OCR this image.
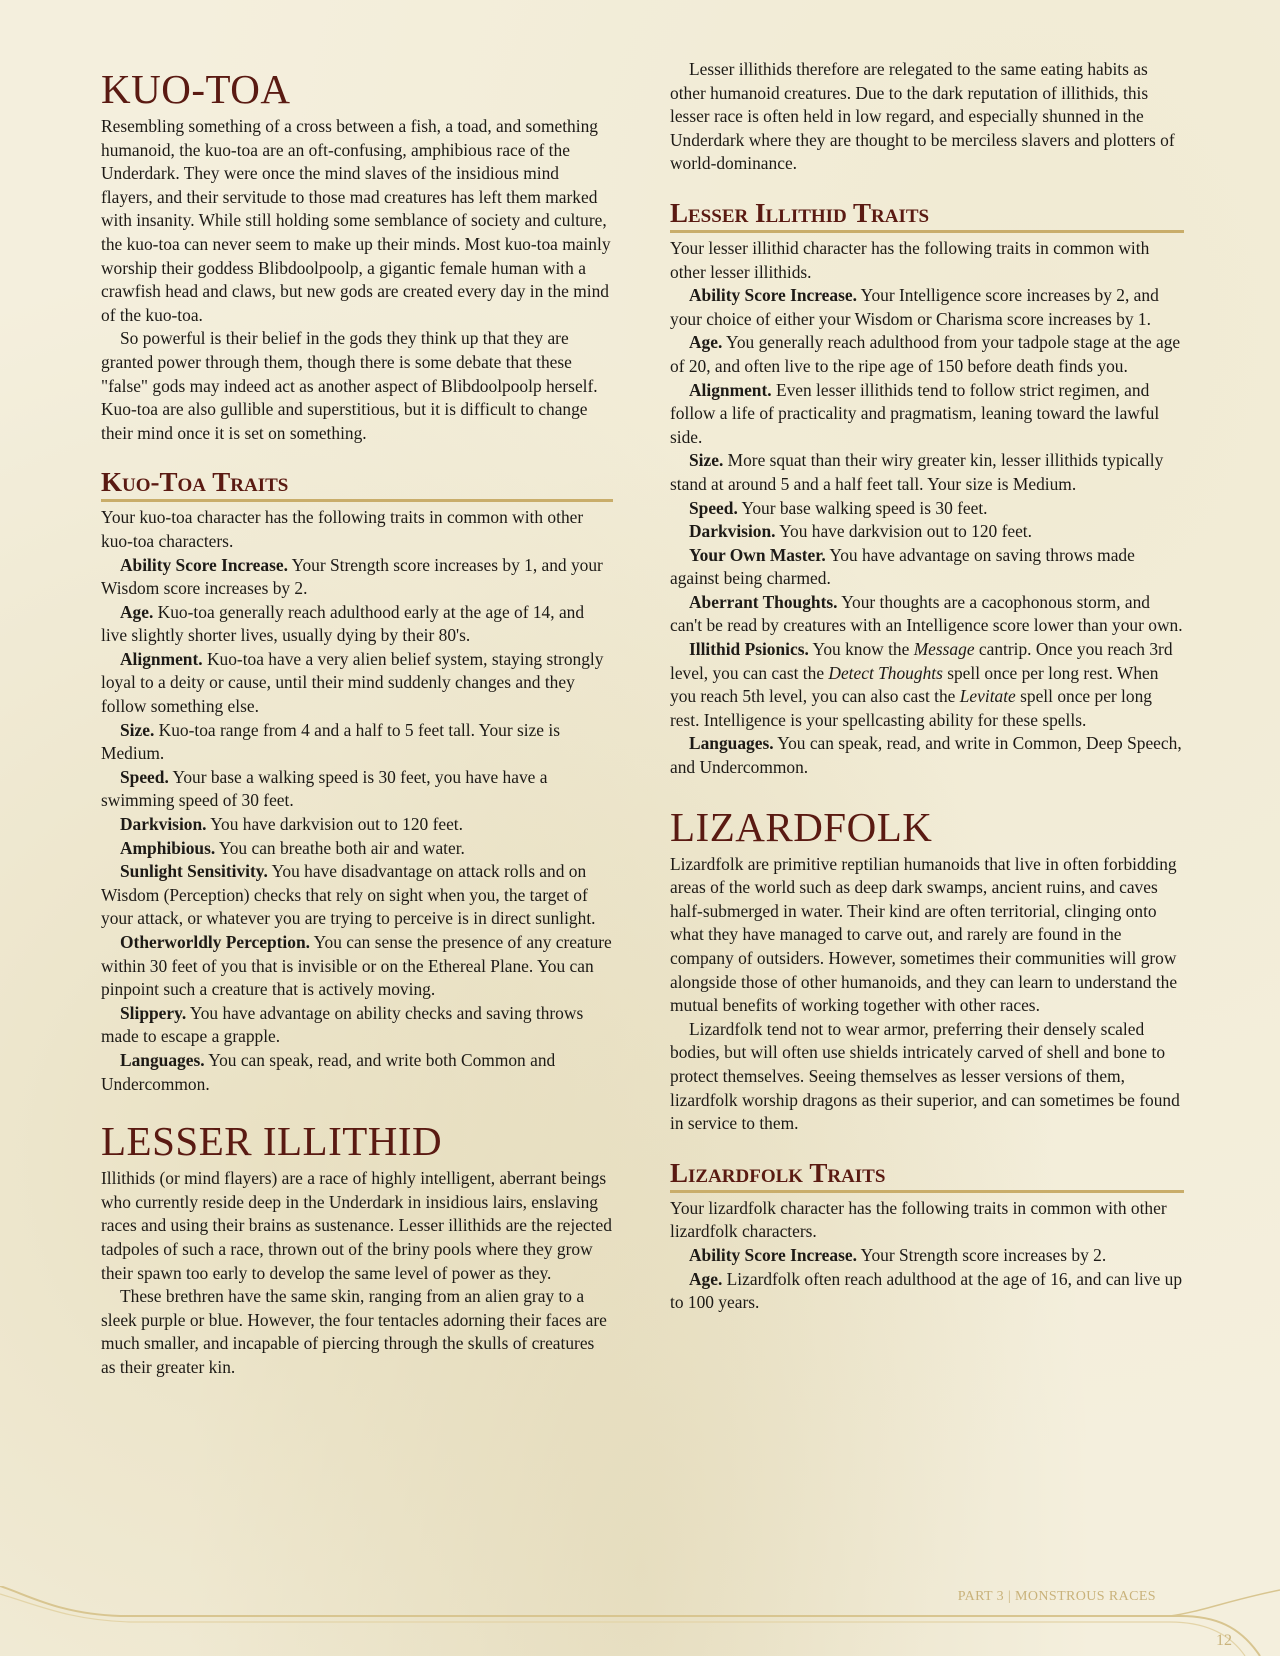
KUO-TOA

Resembling something of a cross between a fish, a toad, and something humanoid, the kuo-toa are an oft-confusing, amphibious race of the Underdark. They were once the mind slaves of the insidious mind flayers, and their servitude to those mad creatures has left them marked with insanity. While still holding some semblance of society and culture, the kuo-toa can never seem to make up their minds. Most kuo-toa mainly worship their goddess Blibdoolpoolp, a gigantic female human with a crawfish head and claws, but new gods are created every day in the mind of the kuo-toa.

So powerful is their belief in the gods they think up that they are granted power through them, though there is some debate that these "false" gods may indeed act as another aspect of Blibdoolpoolp herself. Kuo-toa are also gullible and superstitious, but it is difficult to change their mind once it is set on something.

Kuo-Toa Traits

Your kuo-toa character has the following traits in common with other kuo-toa characters.

Ability Score Increase. Your Strength score increases by 1, and your Wisdom score increases by 2.

Age. Kuo-toa generally reach adulthood early at the age of 14, and live slightly shorter lives, usually dying by their 80's.

Alignment. Kuo-toa have a very alien belief system, staying strongly loyal to a deity or cause, until their mind suddenly changes and they follow something else.

Size. Kuo-toa range from 4 and a half to 5 feet tall. Your size is Medium.

Speed. Your base a walking speed is 30 feet, you have have a swimming speed of 30 feet.

Darkvision. You have darkvision out to 120 feet.

Amphibious. You can breathe both air and water.

Sunlight Sensitivity. You have disadvantage on attack rolls and on Wisdom (Perception) checks that rely on sight when you, the target of your attack, or whatever you are trying to perceive is in direct sunlight.

Otherworldly Perception. You can sense the presence of any creature within 30 feet of you that is invisible or on the Ethereal Plane. You can pinpoint such a creature that is actively moving.

Slippery. You have advantage on ability checks and saving throws made to escape a grapple.

Languages. You can speak, read, and write both Common and Undercommon.

LESSER ILLITHID

Illithids (or mind flayers) are a race of highly intelligent, aberrant beings who currently reside deep in the Underdark in insidious lairs, enslaving races and using their brains as sustenance. Lesser illithids are the rejected tadpoles of such a race, thrown out of the briny pools where they grow their spawn too early to develop the same level of power as they.

These brethren have the same skin, ranging from an alien gray to a sleek purple or blue. However, the four tentacles adorning their faces are much smaller, and incapable of piercing through the skulls of creatures as their greater kin.

Lesser illithids therefore are relegated to the same eating habits as other humanoid creatures. Due to the dark reputation of illithids, this lesser race is often held in low regard, and especially shunned in the Underdark where they are thought to be merciless slavers and plotters of world-dominance.

Lesser Illithid Traits

Your lesser illithid character has the following traits in common with other lesser illithids.

Ability Score Increase. Your Intelligence score increases by 2, and your choice of either your Wisdom or Charisma score increases by 1.

Age. You generally reach adulthood from your tadpole stage at the age of 20, and often live to the ripe age of 150 before death finds you.

Alignment. Even lesser illithids tend to follow strict regimen, and follow a life of practicality and pragmatism, leaning toward the lawful side.

Size. More squat than their wiry greater kin, lesser illithids typically stand at around 5 and a half feet tall. Your size is Medium.

Speed. Your base walking speed is 30 feet.

Darkvision. You have darkvision out to 120 feet.

Your Own Master. You have advantage on saving throws made against being charmed.

Aberrant Thoughts. Your thoughts are a cacophonous storm, and can't be read by creatures with an Intelligence score lower than your own.

Illithid Psionics. You know the Message cantrip. Once you reach 3rd level, you can cast the Detect Thoughts spell once per long rest. When you reach 5th level, you can also cast the Levitate spell once per long rest. Intelligence is your spellcasting ability for these spells.

Languages. You can speak, read, and write in Common, Deep Speech, and Undercommon.

LIZARDFOLK

Lizardfolk are primitive reptilian humanoids that live in often forbidding areas of the world such as deep dark swamps, ancient ruins, and caves half-submerged in water. Their kind are often territorial, clinging onto what they have managed to carve out, and rarely are found in the company of outsiders. However, sometimes their communities will grow alongside those of other humanoids, and they can learn to understand the mutual benefits of working together with other races.

Lizardfolk tend not to wear armor, preferring their densely scaled bodies, but will often use shields intricately carved of shell and bone to protect themselves. Seeing themselves as lesser versions of them, lizardfolk worship dragons as their superior, and can sometimes be found in service to them.

Lizardfolk Traits

Your lizardfolk character has the following traits in common with other lizardfolk characters.

Ability Score Increase. Your Strength score increases by 2.

Age. Lizardfolk often reach adulthood at the age of 16, and can live up to 100 years.

PART 3 | MONSTROUS RACES
12
